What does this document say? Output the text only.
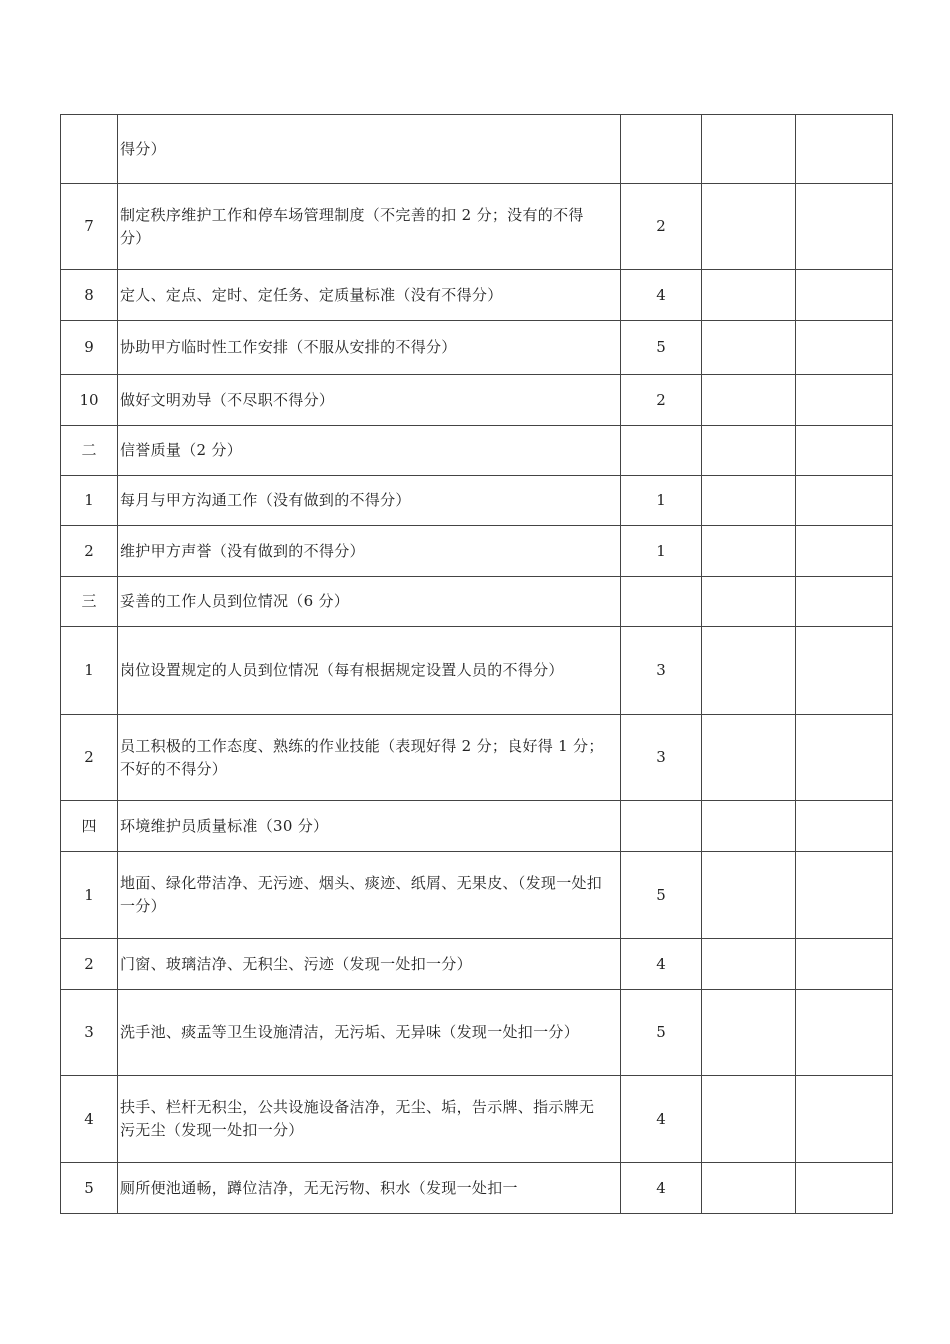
	得分）			

7	制定秩序维护工作和停车场管理制度（不完善的扣 2 分；没有的不得分）	2		
8	定人、定点、定时、定任务、定质量标准（没有不得分）	4		
9	协助甲方临时性工作安排（不服从安排的不得分）	5		
10	做好文明劝导（不尽职不得分）	2		
二	信誉质量（2 分）			

1	每月与甲方沟通工作（没有做到的不得分）	1		
2	维护甲方声誉（没有做到的不得分）	1		
三	妥善的工作人员到位情况（6 分）			

1	岗位设置规定的人员到位情况（每有根据规定设置人员的不得分）	3		
2	员工积极的工作态度、熟练的作业技能（表现好得 2 分；良好得 1 分；不好的不得分）	3		
四	环境维护员质量标准（30 分）			

1	地面、绿化带洁净、无污迹、烟头、痰迹、纸屑、无果皮、（发现一处扣一分）	5		
2	门窗、玻璃洁净、无积尘、污迹（发现一处扣一分）	4		
3	洗手池、痰盂等卫生设施清洁，无污垢、无异味（发现一处扣一分）	5		
4	扶手、栏杆无积尘，公共设施设备洁净，无尘、垢，告示牌、指示牌无污无尘（发现一处扣一分）	4		
5	厕所便池通畅，蹲位洁净，无无污物、积水（发现一处扣一	4		
